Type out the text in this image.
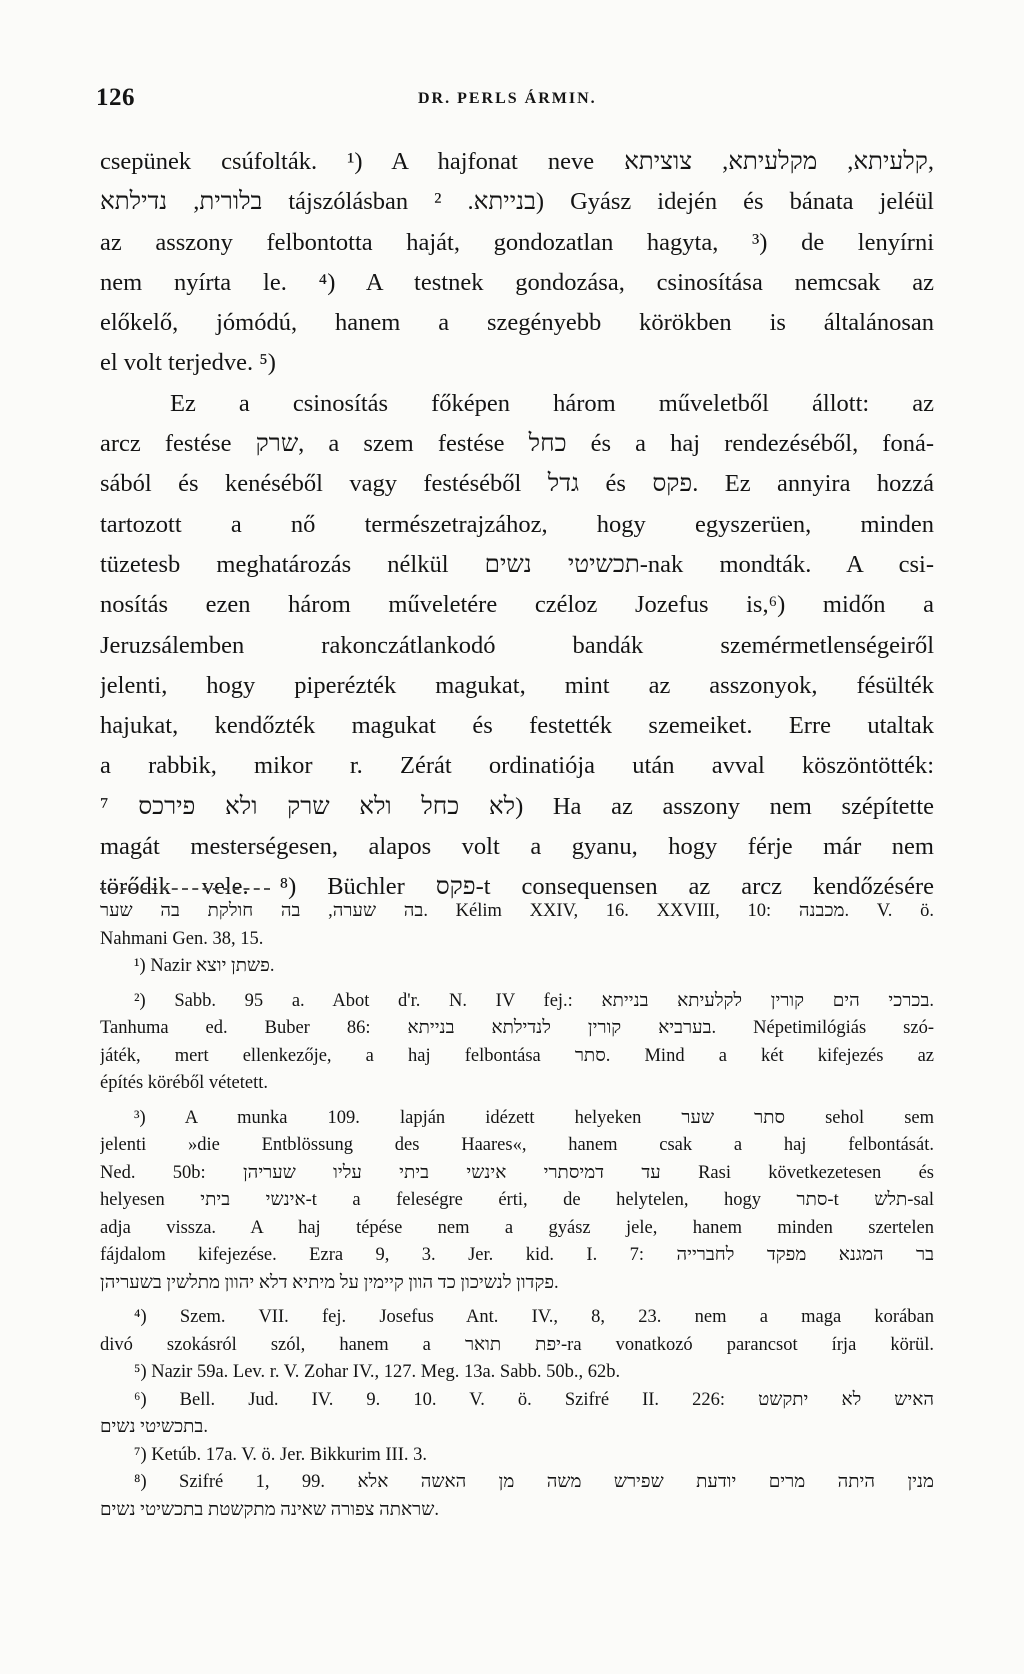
126	DR. PERLS ÁRMIN.
csepünek csúfolták. ¹) A hajfonat neve קלעיתא, מקלעיתא, צוציתא,
בלורית, נדילתא tájszólásban בנייתא. ²) Gyász idején és bánata jeléül
az asszony felbontotta haját, gondozatlan hagyta, ³) de lenyírni
nem nyírta le. ⁴) A testnek gondozása, csinosítása nemcsak az
előkelő, jómódú, hanem a szegényebb körökben is általánosan
el volt terjedve. ⁵)
Ez a csinosítás főképen három műveletből állott: az
arcz festése שרק, a szem festése כחל és a haj rendezéséből, foná-
sából és kenéséből vagy festéséből גדל és פקס. Ez annyira hozzá
tartozott a nő természetrajzához, hogy egyszerüen, minden
tüzetesb meghatározás nélkül תכשיטי נשים-nak mondták. A csi-
nosítás ezen három műveletére czéloz Jozefus is,⁶) midőn a
Jeruzsálemben rakonczátlankodó bandák szemérmetlenségeiről
jelenti, hogy piperézték magukat, mint az asszonyok, fésülték
hajukat, kendőzték magukat és festették szemeiket. Erre utaltak
a rabbik, mikor r. Zérát ordinatiója után avval köszöntötték:
לא כחל ולא שרק ולא פירכס ⁷) Ha az asszony nem szépítette
magát mesterségesen, alapos volt a gyanu, hogy férje már nem
törődik vele. ⁸) Büchler פקס-t consequensen az arcz kendőzésére
בה שערה, בה חולקת בה שער. Kélim XXIV, 16. XXVIII, 10: מכבנה. V. ö.
Nahmani Gen. 38, 15.
¹) Nazir פשתן יוצא.
²) Sabb. 95 a. Abot d'r. N. IV fej.: בכרכי הים קורין לקלעיתא בנייתא.
Tanhuma ed. Buber 86: בערביא קורין לנדילתא בנייתא. Népetimilógiás szó-
játék, mert ellenkezője, a haj felbontása סתר. Mind a két kifejezés az
építés köréből vétetett.
³) A munka 109. lapján idézett helyeken סתר שער sehol sem
jelenti »die Entblössung des Haares«, hanem csak a haj felbontását.
Ned. 50b: עד דמיסתרי אינשי ביתי עליו שעריהן Rasi következetesen és
helyesen אינשי ביתי-t a feleségre érti, de helytelen, hogy סתר-t תלש-sal
adja vissza. A haj tépése nem a gyász jele, hanem minden szertelen
fájdalom kifejezése. Ezra 9, 3. Jer. kid. I. 7: בר המגנא מפקד לחברייה
פקדון לנשיכון כד הוון קיימין על מיתיא דלא יהוון מתלשין בשעריהן.
⁴) Szem. VII. fej. Josefus Ant. IV., 8, 23. nem a maga korában
divó szokásról szól, hanem a יפת תואר-ra vonatkozó parancsot írja körül.
⁵) Nazir 59a. Lev. r. V. Zohar IV., 127. Meg. 13a. Sabb. 50b., 62b.
⁶) Bell. Jud. IV. 9. 10. V. ö. Szifré II. 226: האיש לא יתקשט
בתכשיטי נשים.
⁷) Ketúb. 17a. V. ö. Jer. Bikkurim III. 3.
⁸) Szifré 1, 99. מנין היתה מרים יודעת שפירש משה מן האשה אלא
שראתה צפורה שאינה מתקשטת בתכשיטי נשים.
